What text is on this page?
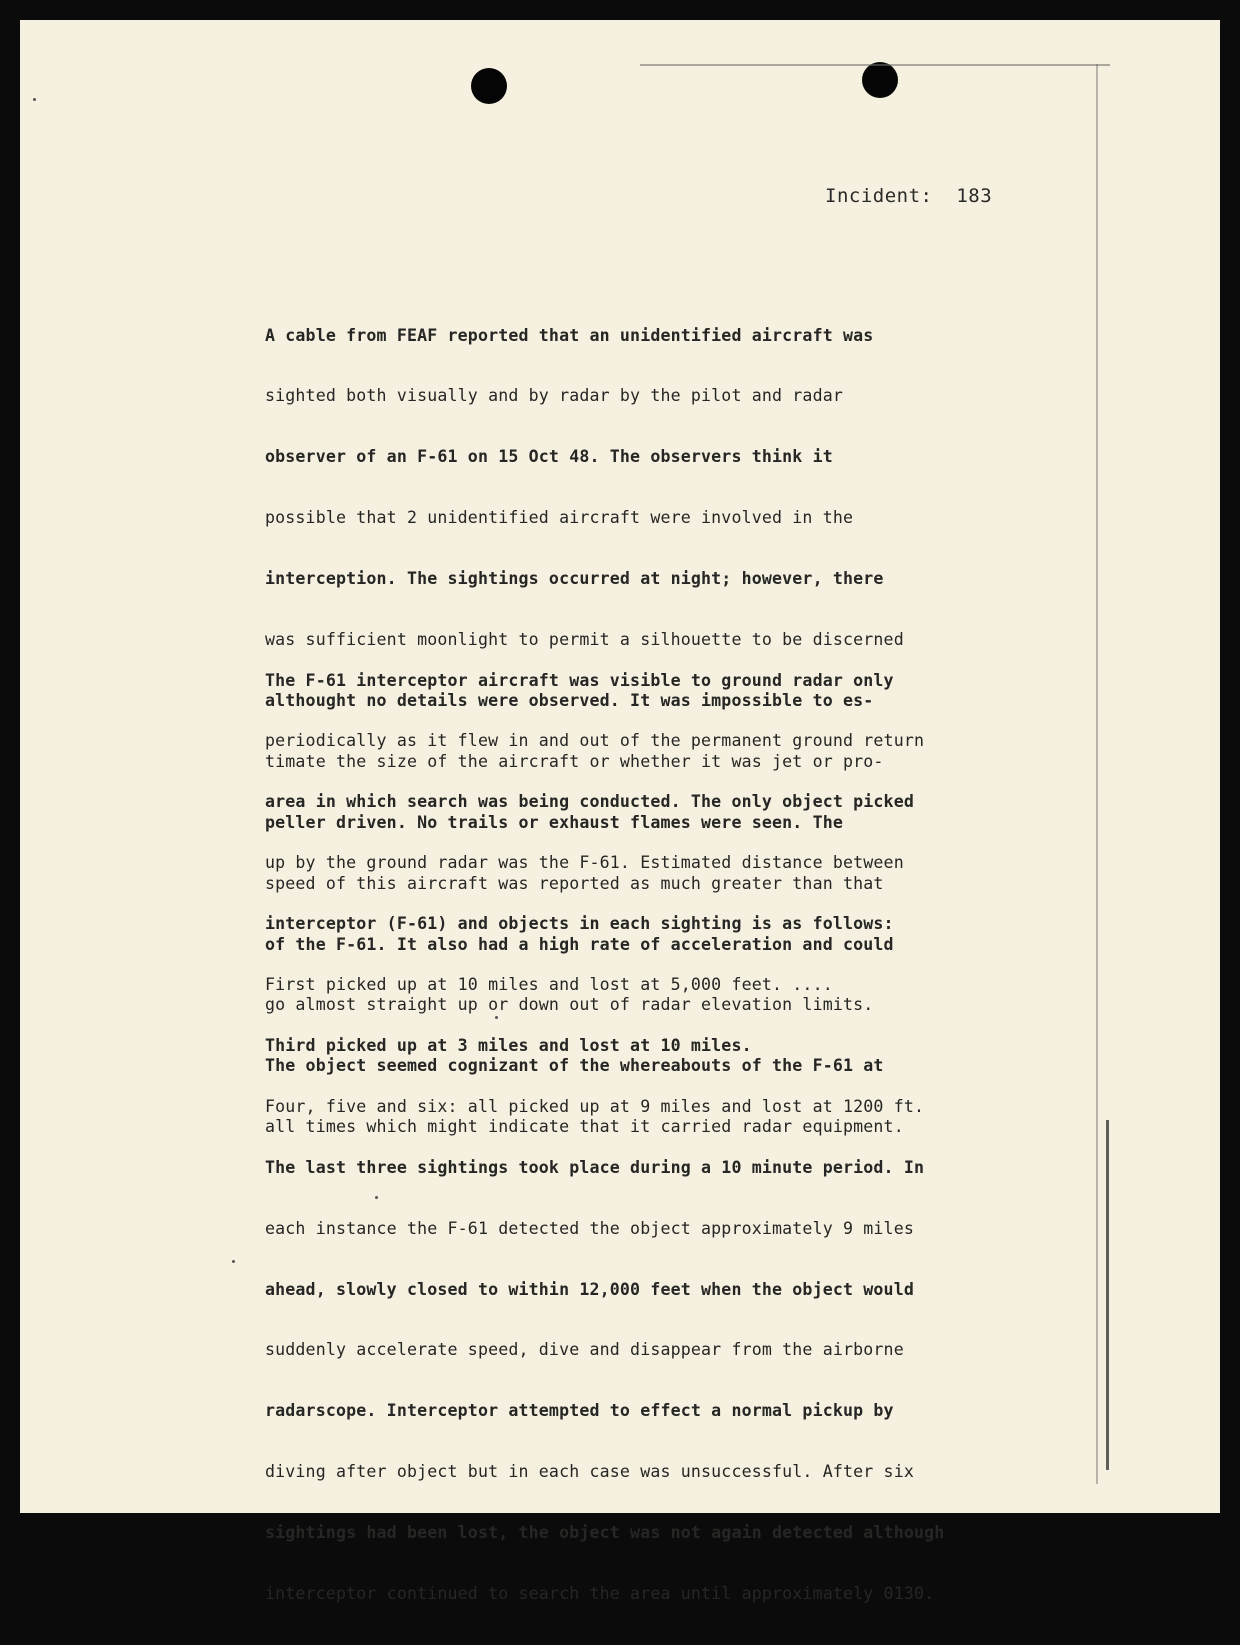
Incident: 183

A cable from FEAF reported that an unidentified aircraft was

sighted both visually and by radar by the pilot and radar

observer of an F-61 on 15 Oct 48. The observers think it

possible that 2 unidentified aircraft were involved in the

interception. The sightings occurred at night; however, there

was sufficient moonlight to permit a silhouette to be discerned

althought no details were observed. It was impossible to es-

timate the size of the aircraft or whether it was jet or pro-

peller driven. No trails or exhaust flames were seen. The

speed of this aircraft was reported as much greater than that

of the F-61. It also had a high rate of acceleration and could

go almost straight up or down out of radar elevation limits.

The object seemed cognizant of the whereabouts of the F-61 at

all times which might indicate that it carried radar equipment.

The F-61 interceptor aircraft was visible to ground radar only

periodically as it flew in and out of the permanent ground return

area in which search was being conducted. The only object picked

up by the ground radar was the F-61. Estimated distance between

interceptor (F-61) and objects in each sighting is as follows:

First picked up at 10 miles and lost at 5,000 feet. ....

Third picked up at 3 miles and lost at 10 miles.

Four, five and six: all picked up at 9 miles and lost at 1200 ft.

The last three sightings took place during a 10 minute period. In

each instance the F-61 detected the object approximately 9 miles

ahead, slowly closed to within 12,000 feet when the object would

suddenly accelerate speed, dive and disappear from the airborne

radarscope. Interceptor attempted to effect a normal pickup by

diving after object but in each case was unsuccessful. After six

sightings had been lost, the object was not again detected although

interceptor continued to search the area until approximately 0130.
